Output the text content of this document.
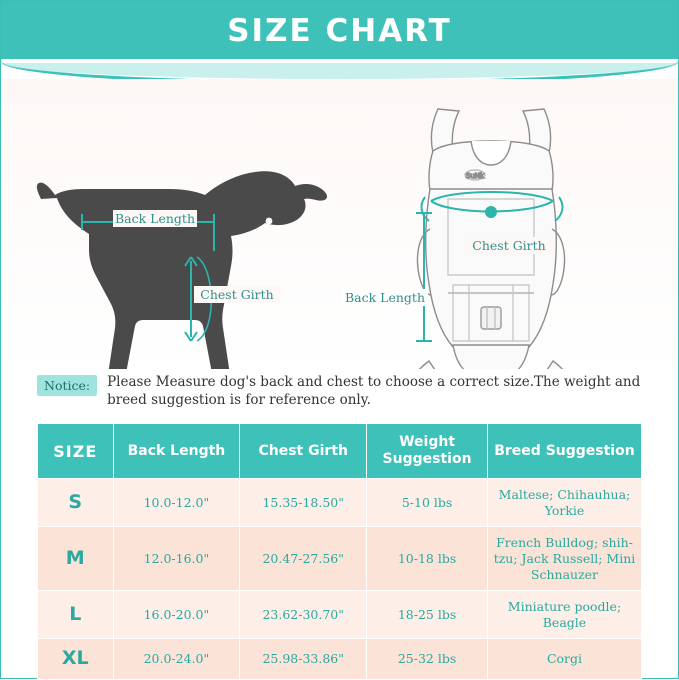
SIZE CHART
Back Length
Chest Girth
SuNk
Chest Girth
Back Length
Notice:	Please Measure dog's back and chest to choose a correct size.The weight and breed suggestion is for reference only.
SIZE	Back Length	Chest Girth	Weight Suggestion	Breed Suggestion
S	10.0-12.0"	15.35-18.50"	5-10 lbs	Maltese; Chihauhua; Yorkie
M	12.0-16.0"	20.47-27.56"	10-18 lbs	French Bulldog; shih-tzu; Jack Russell; Mini Schnauzer
L	16.0-20.0"	23.62-30.70"	18-25 lbs	Miniature poodle; Beagle
XL	20.0-24.0"	25.98-33.86"	25-32 lbs	Corgi
